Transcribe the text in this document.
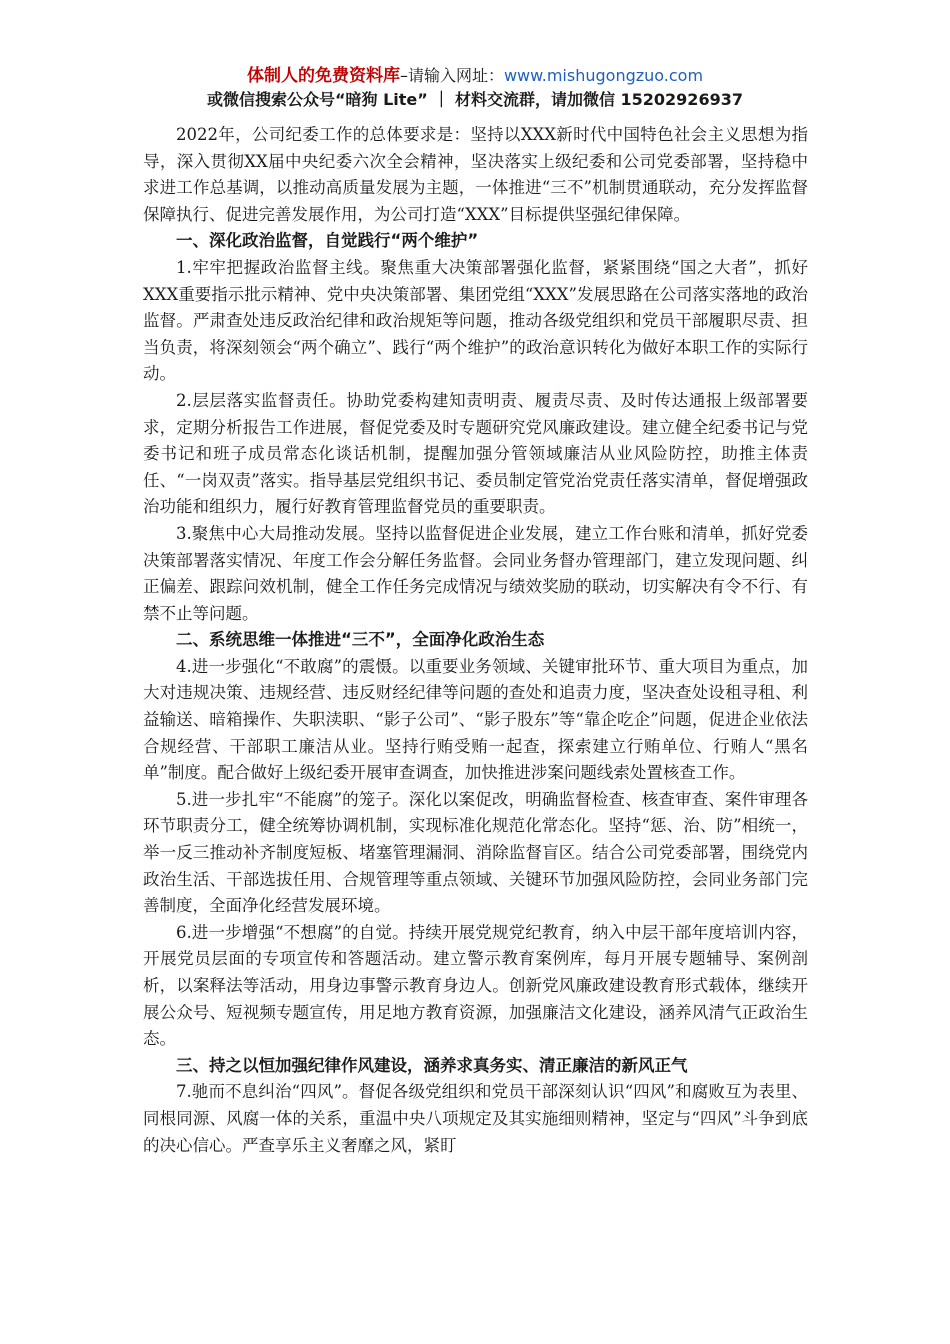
体制人的免费资料库–请输入网址：www.mishugongzuo.com
或微信搜索公众号“暗狗 Lite” ｜ 材料交流群，请加微信 15202926937

2022年，公司纪委工作的总体要求是：坚持以XXX新时代中国特色社会主义思想为指导，深入贯彻XX届中央纪委六次全会精神，坚决落实上级纪委和公司党委部署，坚持稳中求进工作总基调，以推动高质量发展为主题，一体推进“三不”机制贯通联动，充分发挥监督保障执行、促进完善发展作用，为公司打造“XXX”目标提供坚强纪律保障。

一、深化政治监督，自觉践行“两个维护”

1.牢牢把握政治监督主线。聚焦重大决策部署强化监督，紧紧围绕“国之大者”，抓好XXX重要指示批示精神、党中央决策部署、集团党组“XXX”发展思路在公司落实落地的政治监督。严肃查处违反政治纪律和政治规矩等问题，推动各级党组织和党员干部履职尽责、担当负责，将深刻领会“两个确立”、践行“两个维护”的政治意识转化为做好本职工作的实际行动。

2.层层落实监督责任。协助党委构建知责明责、履责尽责、及时传达通报上级部署要求，定期分析报告工作进展，督促党委及时专题研究党风廉政建设。建立健全纪委书记与党委书记和班子成员常态化谈话机制，提醒加强分管领域廉洁从业风险防控，助推主体责任、“一岗双责”落实。指导基层党组织书记、委员制定管党治党责任落实清单，督促增强政治功能和组织力，履行好教育管理监督党员的重要职责。

3.聚焦中心大局推动发展。坚持以监督促进企业发展，建立工作台账和清单，抓好党委决策部署落实情况、年度工作会分解任务监督。会同业务督办管理部门，建立发现问题、纠正偏差、跟踪问效机制，健全工作任务完成情况与绩效奖励的联动，切实解决有令不行、有禁不止等问题。

二、系统思维一体推进“三不”，全面净化政治生态

4.进一步强化“不敢腐”的震慑。以重要业务领域、关键审批环节、重大项目为重点，加大对违规决策、违规经营、违反财经纪律等问题的查处和追责力度，坚决查处设租寻租、利益输送、暗箱操作、失职渎职、“影子公司”、“影子股东”等“靠企吃企”问题，促进企业依法合规经营、干部职工廉洁从业。坚持行贿受贿一起查，探索建立行贿单位、行贿人“黑名单”制度。配合做好上级纪委开展审查调查，加快推进涉案问题线索处置核查工作。

5.进一步扎牢“不能腐”的笼子。深化以案促改，明确监督检查、核查审查、案件审理各环节职责分工，健全统筹协调机制，实现标准化规范化常态化。坚持“惩、治、防”相统一，举一反三推动补齐制度短板、堵塞管理漏洞、消除监督盲区。结合公司党委部署，围绕党内政治生活、干部选拔任用、合规管理等重点领域、关键环节加强风险防控，会同业务部门完善制度，全面净化经营发展环境。

6.进一步增强“不想腐”的自觉。持续开展党规党纪教育，纳入中层干部年度培训内容，开展党员层面的专项宣传和答题活动。建立警示教育案例库，每月开展专题辅导、案例剖析，以案释法等活动，用身边事警示教育身边人。创新党风廉政建设教育形式载体，继续开展公众号、短视频专题宣传，用足地方教育资源，加强廉洁文化建设，涵养风清气正政治生态。

三、持之以恒加强纪律作风建设，涵养求真务实、清正廉洁的新风正气

7.驰而不息纠治“四风”。督促各级党组织和党员干部深刻认识“四风”和腐败互为表里、同根同源、风腐一体的关系，重温中央八项规定及其实施细则精神，坚定与“四风”斗争到底的决心信心。严查享乐主义奢靡之风，紧盯
